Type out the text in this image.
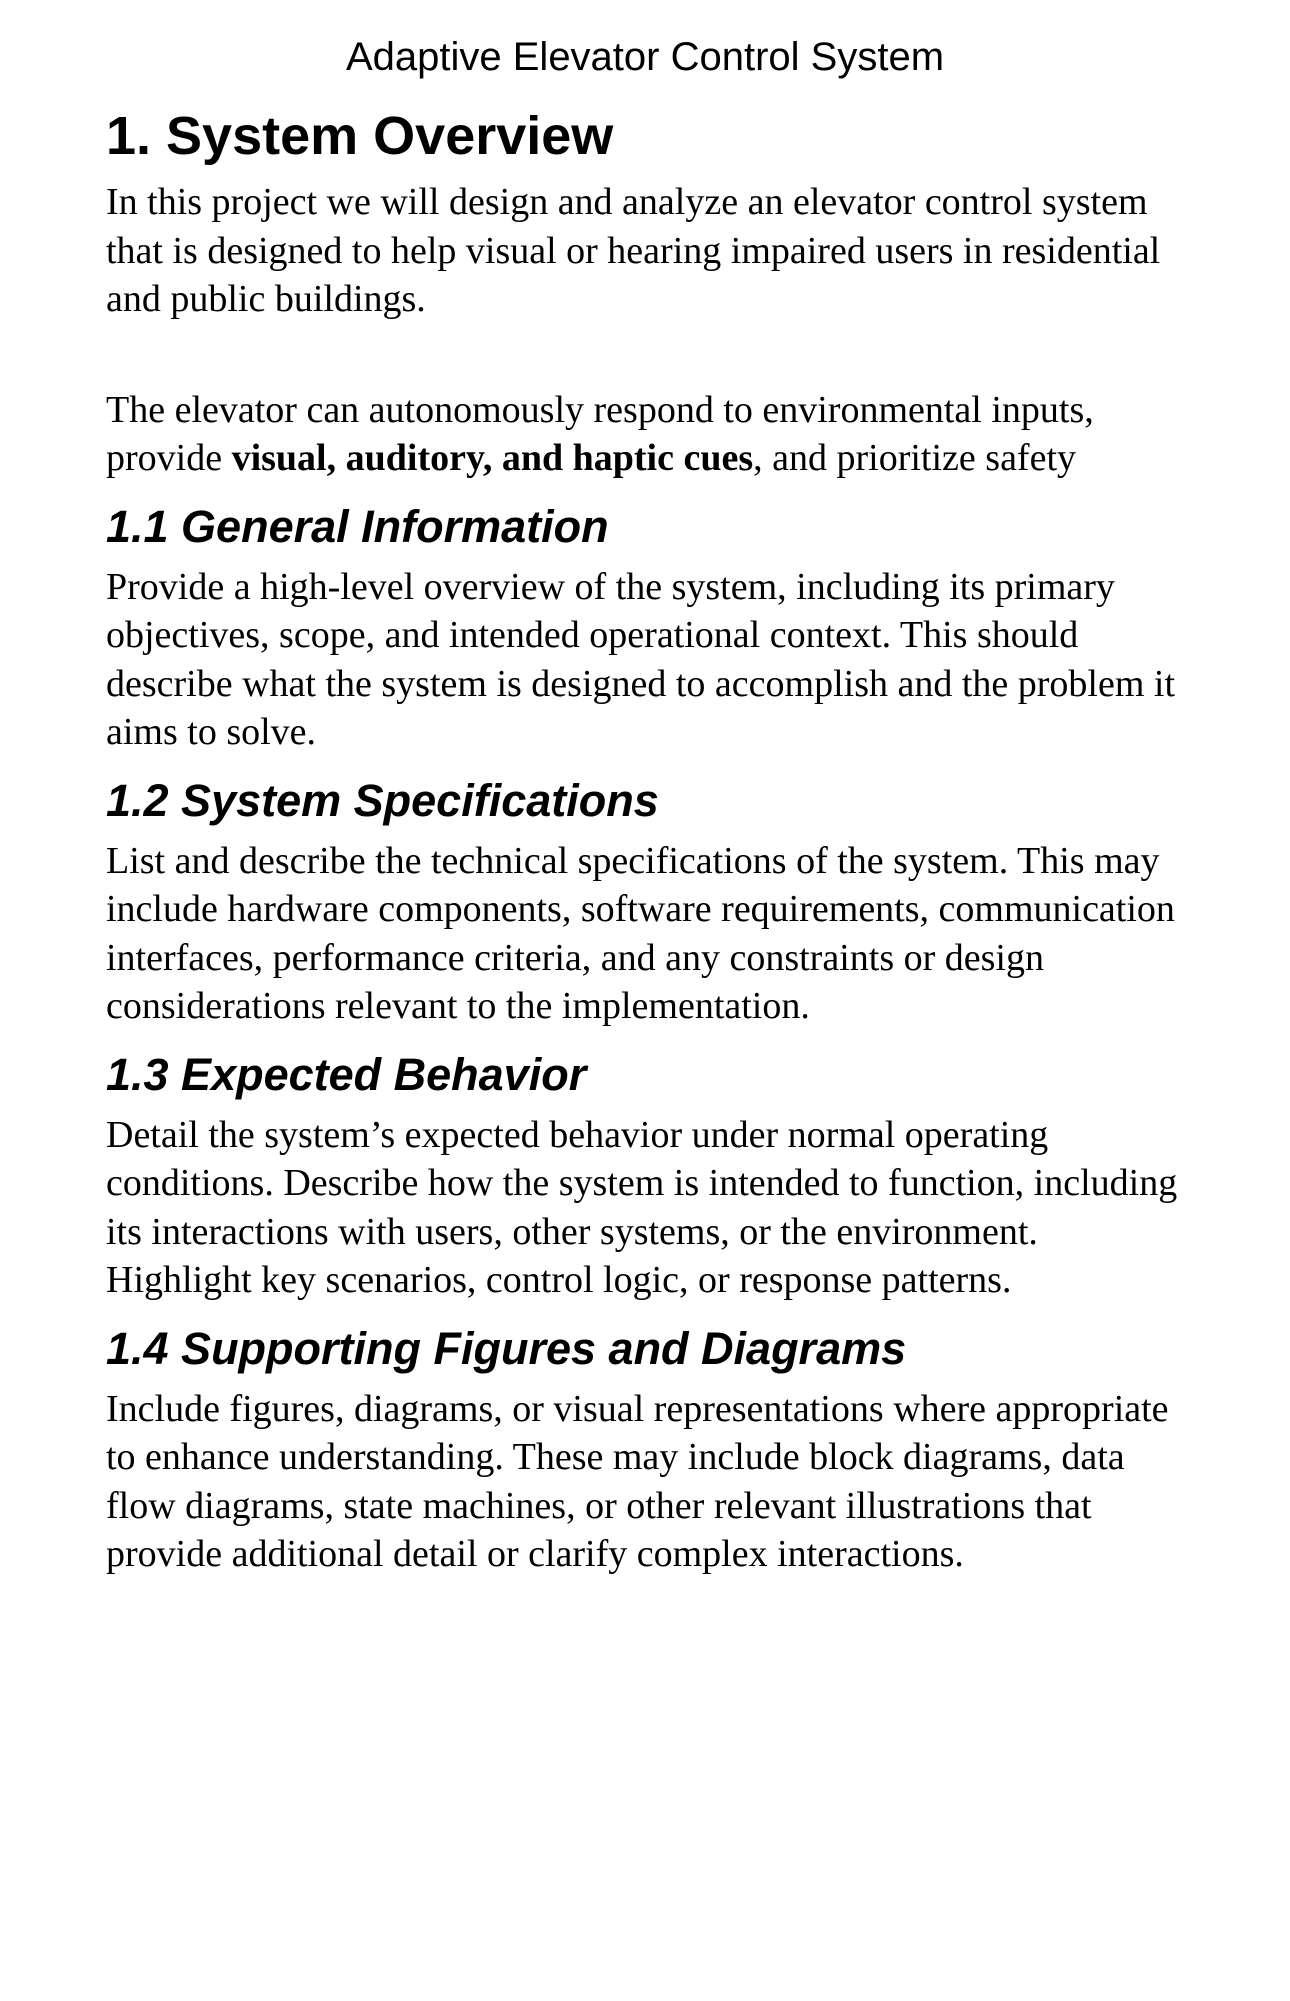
Adaptive Elevator Control System
1. System Overview

In this project we will design and analyze an elevator control system that is designed to help visual or hearing impaired users in residential and public buildings.

The elevator can autonomously respond to environmental inputs, provide visual, auditory, and haptic cues, and prioritize safety

1.1 General Information

Provide a high-level overview of the system, including its primary objectives, scope, and intended operational context. This should describe what the system is designed to accomplish and the problem it aims to solve.

1.2 System Specifications

List and describe the technical specifications of the system. This may include hardware components, software requirements, communication interfaces, performance criteria, and any constraints or design considerations relevant to the implementation.

1.3 Expected Behavior

Detail the system’s expected behavior under normal operating conditions. Describe how the system is intended to function, including its interactions with users, other systems, or the environment. Highlight key scenarios, control logic, or response patterns.

1.4 Supporting Figures and Diagrams

Include figures, diagrams, or visual representations where appropriate to enhance understanding. These may include block diagrams, data flow diagrams, state machines, or other relevant illustrations that provide additional detail or clarify complex interactions.
